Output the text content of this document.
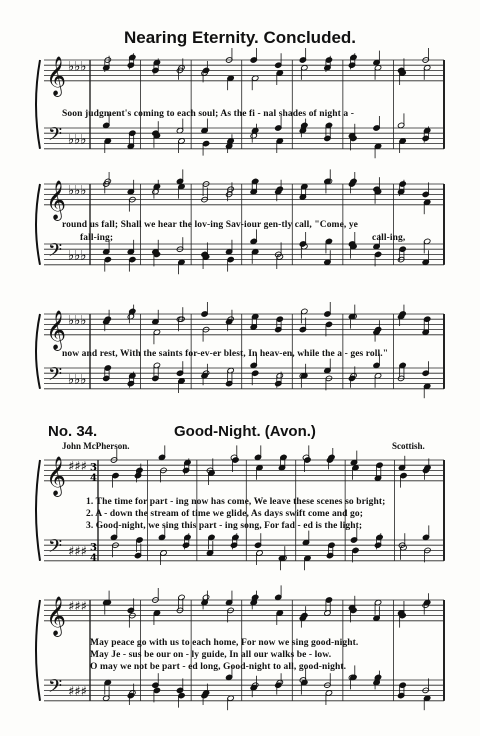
Nearing Eternity. Concluded.
𝄞
𝄢
♭♭♭
♭♭♭
𝄞
𝄢
♭♭♭
♭♭♭
𝄞
𝄢
♭♭♭
♭♭♭
𝄞
𝄢
♯♯♯
♯♯♯
3
4
3
4
𝄞
𝄢
♯♯♯
♯♯♯
Soon judgment's coming to each soul; As the fi - nal shades of night a -
round us fall; Shall we hear the lov-ing Sav-iour gen-tly call, "Come, ye
fall-ing;	call-ing,
now and rest, With the saints for-ev-er blest, In heav-en, while the a - ges roll."
No. 34.	Good-Night. (Avon.)
John McPherson.	Scottish.
1. The time for part - ing now has come, We leave these scenes so bright;
2. A - down the stream of time we glide, As days swift come and go;
3. Good-night, we sing this part - ing song, For fad - ed is the light;
May peace go with us to each home, For now we sing good-night.
May Je - sus be our on - ly guide, In all our walks be - low.
O may we not be part - ed long, Good-night to all, good-night.
